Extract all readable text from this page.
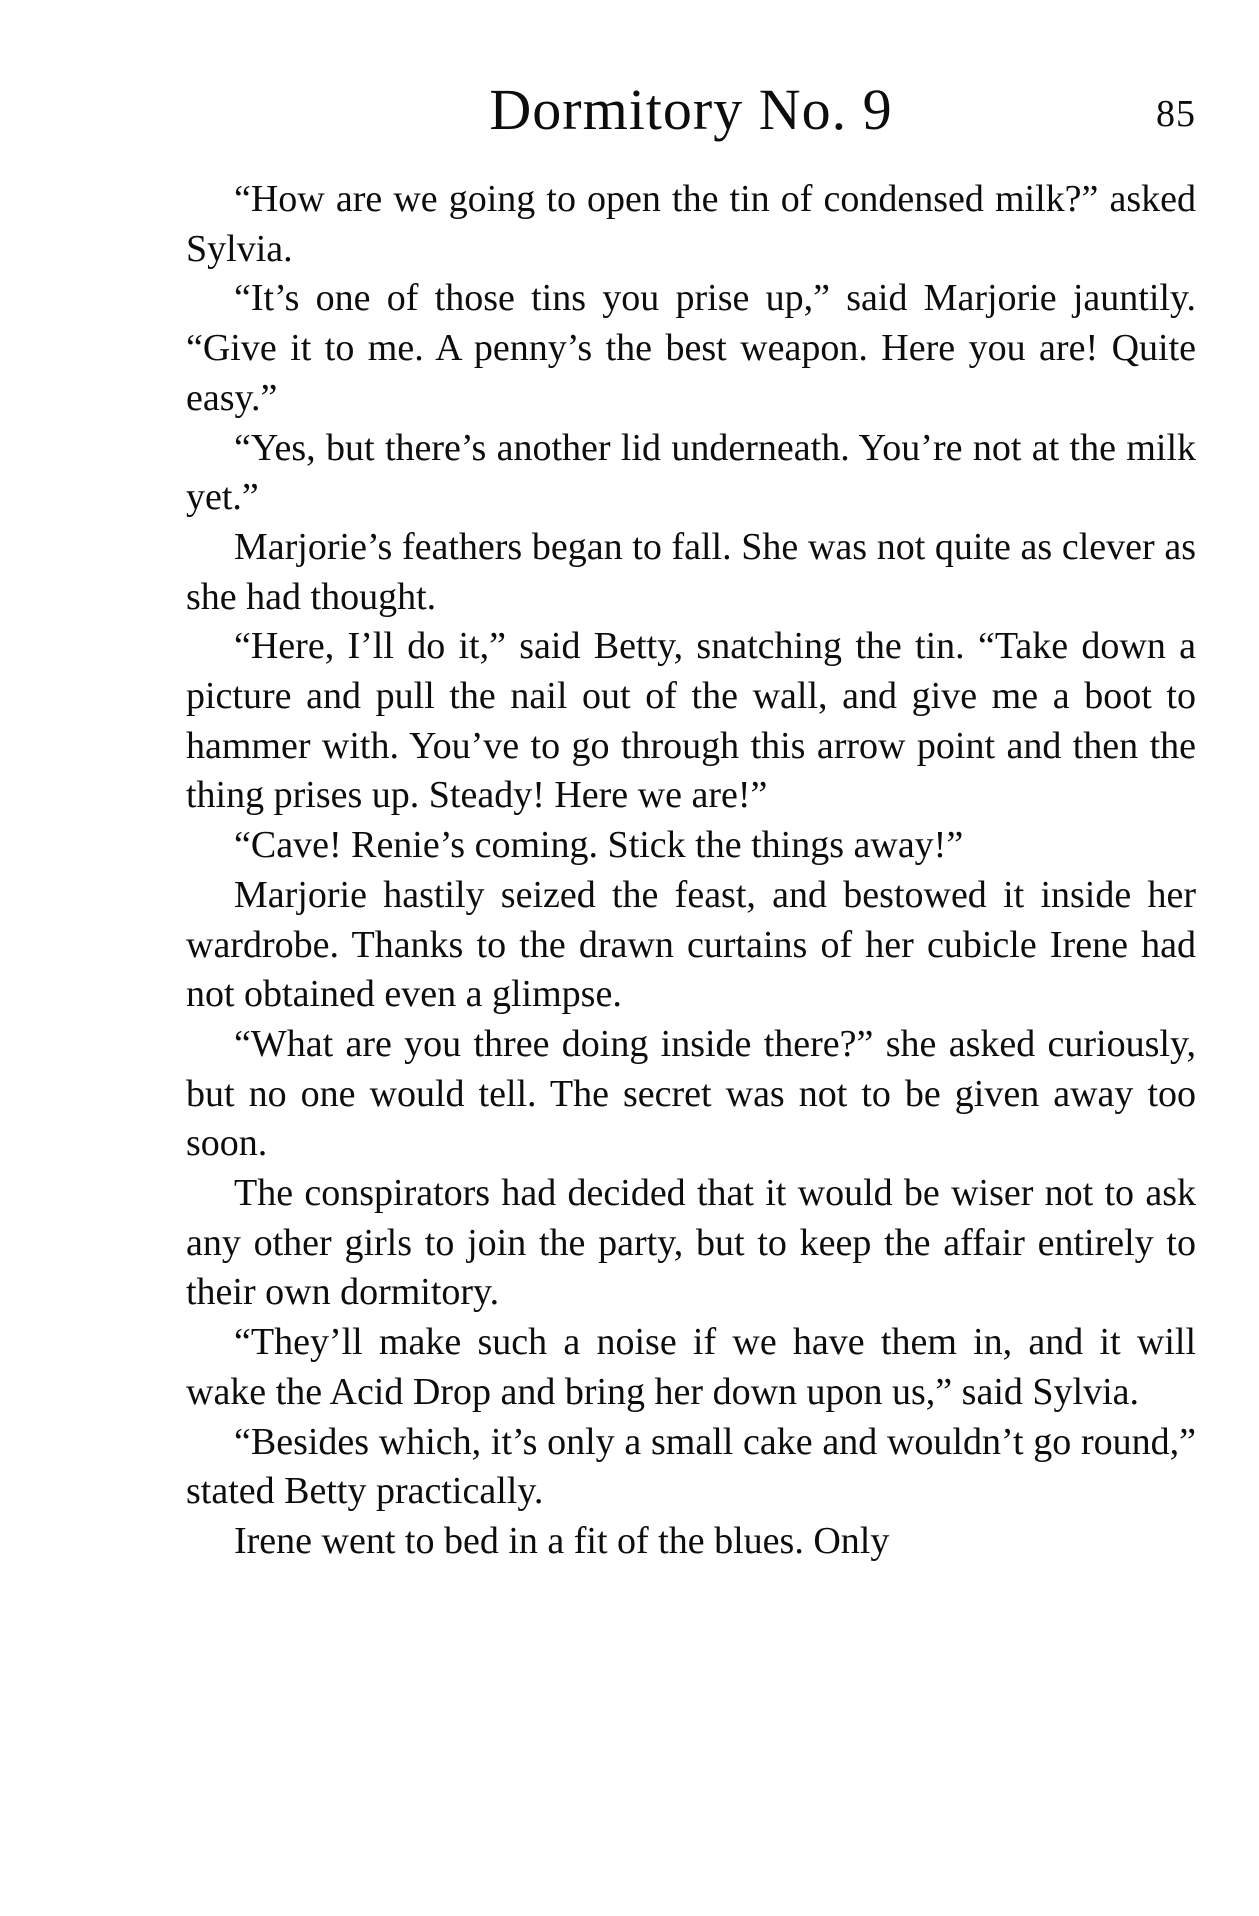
Dormitory No. 9	85

“How are we going to open the tin of condensed milk?” asked Sylvia.

“It’s one of those tins you prise up,” said Marjorie jauntily. “Give it to me. A penny’s the best weapon. Here you are! Quite easy.”

“Yes, but there’s another lid underneath. You’re not at the milk yet.”

Marjorie’s feathers began to fall. She was not quite as clever as she had thought.

“Here, I’ll do it,” said Betty, snatching the tin. “Take down a picture and pull the nail out of the wall, and give me a boot to hammer with. You’ve to go through this arrow point and then the thing prises up. Steady! Here we are!”

“Cave! Renie’s coming. Stick the things away!”

Marjorie hastily seized the feast, and bestowed it inside her wardrobe. Thanks to the drawn curtains of her cubicle Irene had not obtained even a glimpse.

“What are you three doing inside there?” she asked curiously, but no one would tell. The secret was not to be given away too soon.

The conspirators had decided that it would be wiser not to ask any other girls to join the party, but to keep the affair entirely to their own dormitory.

“They’ll make such a noise if we have them in, and it will wake the Acid Drop and bring her down upon us,” said Sylvia.

“Besides which, it’s only a small cake and wouldn’t go round,” stated Betty practically.

Irene went to bed in a fit of the blues. Only
